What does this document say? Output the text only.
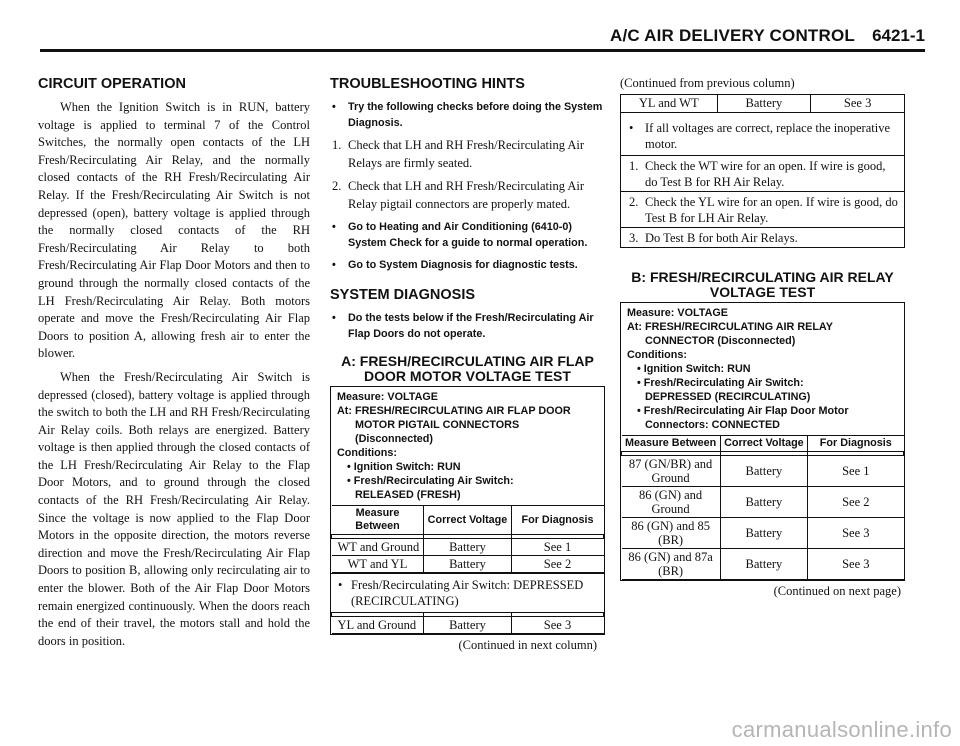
A/C AIR DELIVERY CONTROL 6421-1
CIRCUIT OPERATION

When the Ignition Switch is in RUN, battery voltage is applied to terminal 7 of the Control Switches, the normally open contacts of the LH Fresh/Recirculating Air Relay, and the normally closed contacts of the RH Fresh/Recirculating Air Relay. If the Fresh/Recirculating Air Switch is not depressed (open), battery voltage is applied through the normally closed contacts of the RH Fresh/Recirculating Air Relay to both Fresh/Recirculating Air Flap Door Motors and then to ground through the normally closed contacts of the LH Fresh/Recirculating Air Relay. Both motors operate and move the Fresh/Recirculating Air Flap Doors to position A, allowing fresh air to enter the blower.

When the Fresh/Recirculating Air Switch is depressed (closed), battery voltage is applied through the switch to both the LH and RH Fresh/Recirculating Air Relay coils. Both relays are energized. Battery voltage is then applied through the closed contacts of the LH Fresh/Recirculating Air Relay to the Flap Door Motors, and to ground through the closed contacts of the RH Fresh/Recirculating Air Relay. Since the voltage is now applied to the Flap Door Motors in the opposite direction, the motors reverse direction and move the Fresh/Recirculating Air Flap Doors to position B, allowing only recirculating air to enter the blower. Both of the Air Flap Door Motors remain energized continuously. When the doors reach the end of their travel, the motors stall and hold the doors in position.

TROUBLESHOOTING HINTS
• Try the following checks before doing the System Diagnosis.
1. Check that LH and RH Fresh/Recirculating Air Relays are firmly seated.
2. Check that LH and RH Fresh/Recirculating Air Relay pigtail connectors are properly mated.
• Go to Heating and Air Conditioning (6410-0) System Check for a guide to normal operation.
• Go to System Diagnosis for diagnostic tests.
SYSTEM DIAGNOSIS
• Do the tests below if the Fresh/Recirculating Air Flap Doors do not operate.
A: FRESH/RECIRCULATING AIR FLAP
DOOR MOTOR VOLTAGE TEST
Measure: VOLTAGE
At: FRESH/RECIRCULATING AIR FLAP DOOR
MOTOR PIGTAIL CONNECTORS
(Disconnected)
Conditions:
• Ignition Switch: RUN
• Fresh/Recirculating Air Switch:
RELEASED (FRESH)
Measure Between	Correct Voltage	For Diagnosis

WT and Ground	Battery	See 1
WT and YL	Battery	See 2
• Fresh/Recirculating Air Switch: DEPRESSED (RECIRCULATING)

YL and Ground	Battery	See 3
(Continued in next column)
(Continued from previous column)
YL and WT	Battery	See 3
• If all voltages are correct, replace the inoperative motor.
1. Check the WT wire for an open. If wire is good, do Test B for RH Air Relay.
2. Check the YL wire for an open. If wire is good, do Test B for LH Air Relay.
3. Do Test B for both Air Relays.
B: FRESH/RECIRCULATING AIR RELAY
VOLTAGE TEST
Measure: VOLTAGE
At: FRESH/RECIRCULATING AIR RELAY
CONNECTOR (Disconnected)
Conditions:
• Ignition Switch: RUN
• Fresh/Recirculating Air Switch:
DEPRESSED (RECIRCULATING)
• Fresh/Recirculating Air Flap Door Motor
Connectors: CONNECTED
Measure Between	Correct Voltage	For Diagnosis

87 (GN/BR) and Ground	Battery	See 1
86 (GN) and Ground	Battery	See 2
86 (GN) and 85 (BR)	Battery	See 3
86 (GN) and 87a (BR)	Battery	See 3
(Continued on next page)
carmanualsonline.info
